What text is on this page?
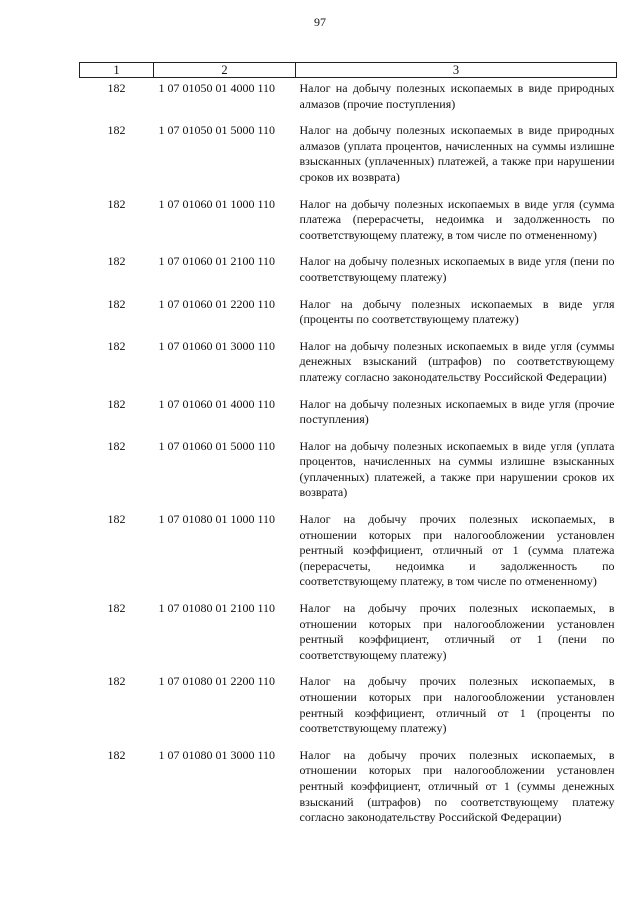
97
1	2	3
182	1 07 01050 01 4000 110	Налог на добычу полезных ископаемых в виде природных алмазов (прочие поступления)
182	1 07 01050 01 5000 110	Налог на добычу полезных ископаемых в виде природных алмазов (уплата процентов, начисленных на суммы излишне взысканных (уплаченных) платежей, а также при нарушении сроков их возврата)
182	1 07 01060 01 1000 110	Налог на добычу полезных ископаемых в виде угля (сумма платежа (перерасчеты, недоимка и задолженность по соответствующему платежу, в том числе по отмененному)
182	1 07 01060 01 2100 110	Налог на добычу полезных ископаемых в виде угля (пени по соответствующему платежу)
182	1 07 01060 01 2200 110	Налог на добычу полезных ископаемых в виде угля (проценты по соответствующему платежу)
182	1 07 01060 01 3000 110	Налог на добычу полезных ископаемых в виде угля (суммы денежных взысканий (штрафов) по соответствующему платежу согласно законодательству Российской Федерации)
182	1 07 01060 01 4000 110	Налог на добычу полезных ископаемых в виде угля (прочие поступления)
182	1 07 01060 01 5000 110	Налог на добычу полезных ископаемых в виде угля (уплата процентов, начисленных на суммы излишне взысканных (уплаченных) платежей, а также при нарушении сроков их возврата)
182	1 07 01080 01 1000 110	Налог на добычу прочих полезных ископаемых, в отношении которых при налогообложении установлен рентный коэффициент, отличный от 1 (сумма платежа (перерасчеты, недоимка и задолженность по соответствующему платежу, в том числе по отмененному)
182	1 07 01080 01 2100 110	Налог на добычу прочих полезных ископаемых, в отношении которых при налогообложении установлен рентный коэффициент, отличный от 1 (пени по соответствующему платежу)
182	1 07 01080 01 2200 110	Налог на добычу прочих полезных ископаемых, в отношении которых при налогообложении установлен рентный коэффициент, отличный от 1 (проценты по соответствующему платежу)
182	1 07 01080 01 3000 110	Налог на добычу прочих полезных ископаемых, в отношении которых при налогообложении установлен рентный коэффициент, отличный от 1 (суммы денежных взысканий (штрафов) по соответствующему платежу согласно законодательству Российской Федерации)
